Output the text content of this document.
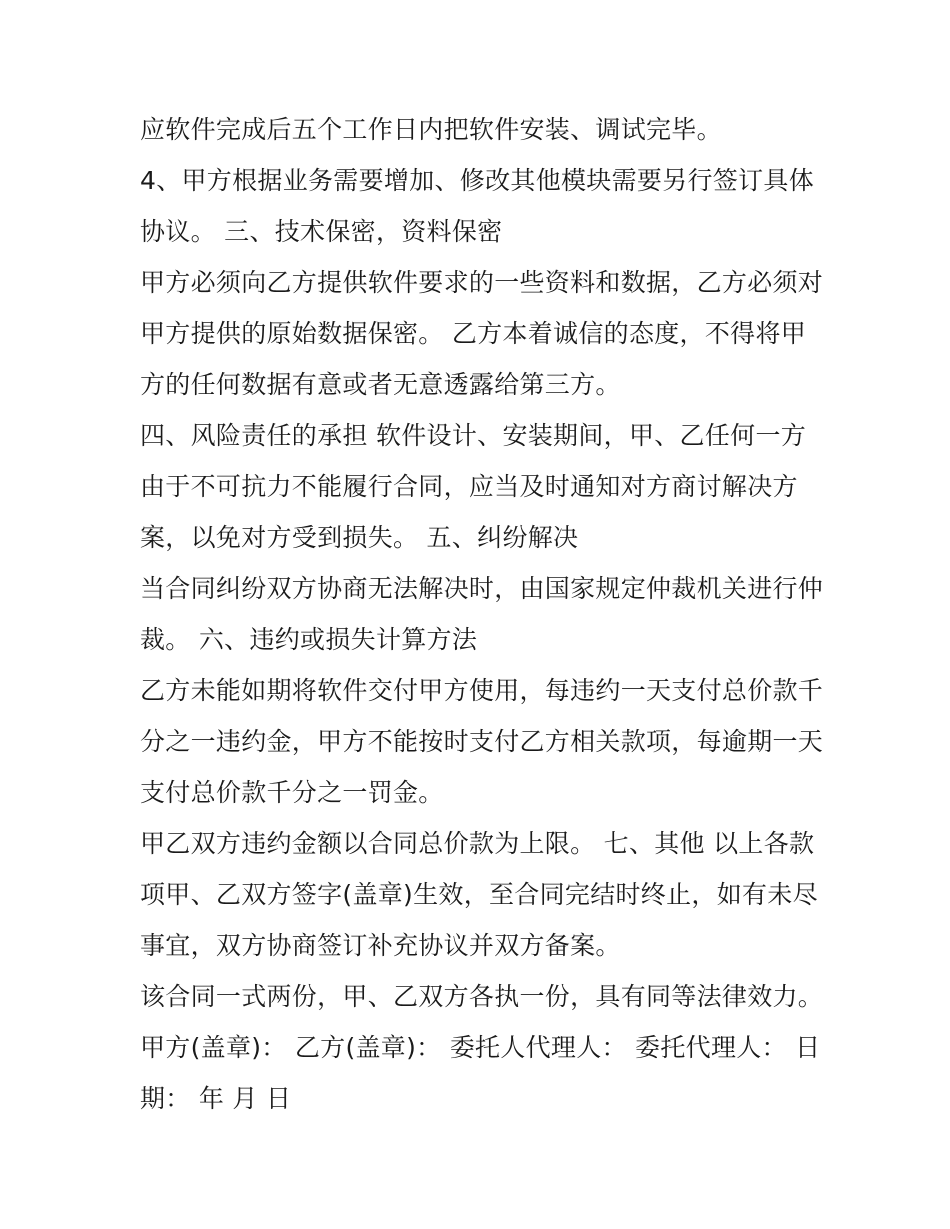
应软件完成后五个工作日内把软件安装、调试完毕。
4、甲方根据业务需要增加、修改其他模块需要另行签订具体
协议。 三、技术保密，资料保密
甲方必须向乙方提供软件要求的一些资料和数据，乙方必须对
甲方提供的原始数据保密。 乙方本着诚信的态度，不得将甲
方的任何数据有意或者无意透露给第三方。
四、风险责任的承担 软件设计、安装期间，甲、乙任何一方
由于不可抗力不能履行合同，应当及时通知对方商讨解决方
案，以免对方受到损失。 五、纠纷解决
当合同纠纷双方协商无法解决时，由国家规定仲裁机关进行仲
裁。 六、违约或损失计算方法
乙方未能如期将软件交付甲方使用，每违约一天支付总价款千
分之一违约金，甲方不能按时支付乙方相关款项，每逾期一天
支付总价款千分之一罚金。
甲乙双方违约金额以合同总价款为上限。 七、其他 以上各款
项甲、乙双方签字(盖章)生效，至合同完结时终止，如有未尽
事宜，双方协商签订补充协议并双方备案。
该合同一式两份，甲、乙双方各执一份，具有同等法律效力。
甲方(盖章)： 乙方(盖章)： 委托人代理人： 委托代理人： 日
期： 年 月 日
